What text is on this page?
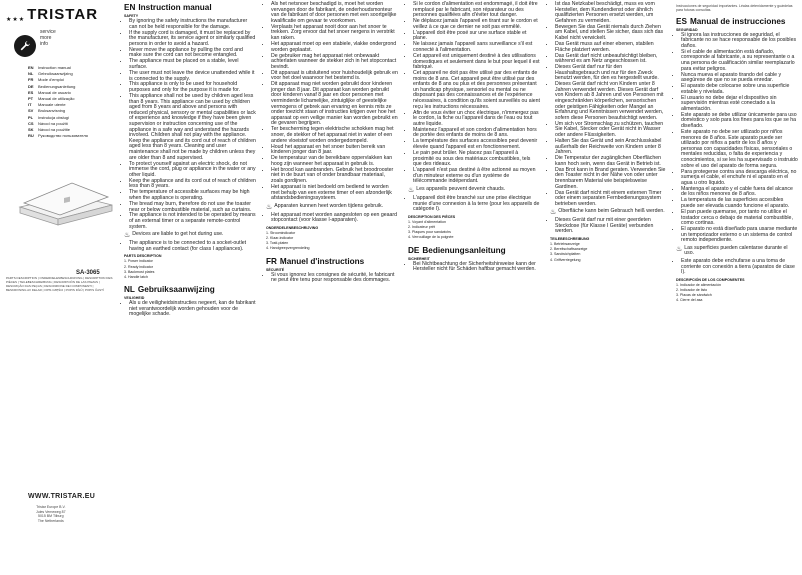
★★★ TRISTAR
service
more
info
EN Instruction manual
NL Gebruiksaanwijzing
FR Mode d'emploi
DE Bedienungsanleitung
ES Manual de usuario
PT Manual de utilização
IT Manuale utente
SV Bruksanvisning
PL Instrukcja obsługi
CS Návod na použití
SK Návod na použitie
RU Руководство пользователя
SA-3065
PARTS DESCRIPTION | ONDERDELENBESCHRIJVING | DESCRIPTION DES PIÈCES | TEILEBESCHREIBUNG | DESCRIPCIÓN DE LAS PIEZAS | DESCRIÇÃO DAS PEÇAS | DESCRIZIONE DEI COMPONENTI | BESKRIVNING AV DELAR | OPIS CZĘŚCI | POPIS DÍLŮ | POPIS ČASTÍ
WWW.TRISTAR.EU
Tristar Europe B.V.
Jules Verneweg 87
5015 BM Tilburg
The Netherlands
EN Instruction manual
SAFETY
• By ignoring the safety instructions the manufacturer can not be held responsible for the damage.
• If the supply cord is damaged, it must be replaced by the manufacturer, its service agent or similarly qualified persons in order to avoid a hazard.
• Never move the appliance by pulling the cord and make sure the cord can not become entangled.
• The appliance must be placed on a stable, level surface.
• The user must not leave the device unattended while it is connected to the supply.
• This appliance is only to be used for household purposes and only for the purpose it is made for.
• This appliance shall not be used by children aged less than 8 years. This appliance can be used by children aged from 8 years and above and persons with reduced physical, sensory or mental capabilities or lack of experience and knowledge if they have been given supervision or instruction concerning use of the appliance in a safe way and understand the hazards involved. Children shall not play with the appliance. Keep the appliance and its cord out of reach of children aged less than 8 years. Cleaning and user maintenance shall not be made by children unless they are older than 8 and supervised.
• To protect yourself against an electric shock, do not immerse the cord, plug or appliance in the water or any other liquid.
• Keep the appliance and its cord out of reach of children less than 8 years.
• The temperature of accessible surfaces may be high when the appliance is operating.
• The bread may burn, therefore do not use the toaster near or below combustible material, such as curtains.
• The appliance is not intended to be operated by means of an external timer or a separate remote-control system.
♨ Devices are liable to get hot during use.
• The appliance is to be connected to a socket-outlet having an earthed contact (for class I appliances).
PARTS DESCRIPTION

1. Power indicator

2. Ready indicator

3. Backmost plates

4. Handle latch

NL Gebruiksaanwijzing
VEILIGHEID
• Als u de veiligheidsinstructies negeert, kan de fabrikant niet verantwoordelijk worden gehouden voor de mogelijke schade.
• Als het netsnoer beschadigd is, moet het worden vervangen door de fabrikant, de onderhoudsmonteur van de fabrikant of door personen met een soortgelijke kwalificatie om gevaar te voorkomen.
• Verplaats het apparaat nooit door aan het snoer te trekken. Zorg ervoor dat het snoer nergens in verstrikt kan raken.
• Het apparaat moet op een stabiele, vlakke ondergrond worden geplaatst.
• De gebruiker mag het apparaat niet onbewaakt achterlaten wanneer de stekker zich in het stopcontact bevindt.
• Dit apparaat is uitsluitend voor huishoudelijk gebruik en voor het doel waarvoor het bestemd is.
• Dit apparaat mag niet worden gebruikt door kinderen jonger dan 8 jaar. Dit apparaat kan worden gebruikt door kinderen vanaf 8 jaar en door personen met verminderde lichamelijke, zintuiglijke of geestelijke vermogens of gebrek aan ervaring en kennis mits ze onder toezicht staan of instructies krijgen over hoe het apparaat op een veilige manier kan worden gebruikt en de gevaren begrijpen.
• Ter bescherming tegen elektrische schokken mag het snoer, de stekker of het apparaat niet in water of een andere vloeistof worden ondergedompeld.
• Houd het apparaat en het snoer buiten bereik van kinderen jonger dan 8 jaar.
• De temperatuur van de bereikbare oppervlakken kan hoog zijn wanneer het apparaat in gebruik is.
• Het brood kan aanbranden. Gebruik het broodrooster niet in de buurt van of onder brandbaar materiaal, zoals gordijnen.
• Het apparaat is niet bedoeld om bediend te worden met behulp van een externe timer of een afzonderlijk afstandsbedieningssysteem.
♨ Apparaten kunnen heet worden tijdens gebruik.
• Het apparaat moet worden aangesloten op een geaard stopcontact (voor klasse I-apparaten).
ONDERDELENBESCHRIJVING

1. Stroomindicator

2. Klaar-indicator

3. Tosti-platen

4. Handgreepvergrendeling

FR Manuel d'instructions
SÉCURITÉ
• Si vous ignorez les consignes de sécurité, le fabricant ne peut être tenu pour responsable des dommages.
• Si le cordon d'alimentation est endommagé, il doit être remplacé par le fabricant, son réparateur ou des personnes qualifiées afin d'éviter tout danger.
• Ne déplacez jamais l'appareil en tirant sur le cordon et veillez à ce que ce dernier ne soit pas emmêlé.
• L'appareil doit être posé sur une surface stable et plane.
• Ne laissez jamais l'appareil sans surveillance s'il est connecté à l'alimentation.
• Cet appareil est uniquement destiné à des utilisations domestiques et seulement dans le but pour lequel il est fabriqué.
• Cet appareil ne doit pas être utilisé par des enfants de moins de 8 ans. Cet appareil peut être utilisé par des enfants de 8 ans ou plus et des personnes présentant un handicap physique, sensoriel ou mental ou ne disposant pas des connaissances et de l'expérience nécessaires, à condition qu'ils soient surveillés ou aient reçu les instructions nécessaires.
• Afin de vous éviter un choc électrique, n'immergez pas le cordon, la fiche ou l'appareil dans de l'eau ou tout autre liquide.
• Maintenez l'appareil et son cordon d'alimentation hors de portée des enfants de moins de 8 ans.
• La température des surfaces accessibles peut devenir élevée quand l'appareil est en fonctionnement.
• Le pain peut brûler. Ne placez pas l'appareil à proximité ou sous des matériaux combustibles, tels que des rideaux.
• L'appareil n'est pas destiné à être actionné au moyen d'un minuteur externe ou d'un système de télécommande indépendant.
♨ Les appareils peuvent devenir chauds.
• L'appareil doit être branché sur une prise électrique munie d'une connexion à la terre (pour les appareils de catégorie I).
DESCRIPTION DES PIÈCES

1. Voyant d'alimentation

2. Indicateur prêt

3. Plaques pour sandwichs

4. Verrouillage de la poignée

DE Bedienungsanleitung
SICHERHEIT
• Bei Nichtbeachtung der Sicherheitshinweise kann der Hersteller nicht für Schäden haftbar gemacht werden.
• Ist das Netzkabel beschädigt, muss es vom Hersteller, dem Kundendienst oder ähnlich qualifizierten Personen ersetzt werden, um Gefahren zu vermeiden.
• Bewegen Sie das Gerät niemals durch Ziehen am Kabel, und stellen Sie sicher, dass sich das Kabel nicht verwickelt.
• Das Gerät muss auf einer ebenen, stabilen Fläche platziert werden.
• Das Gerät darf nicht unbeaufsichtigt bleiben, während es am Netz angeschlossen ist.
• Dieses Gerät darf nur für den Haushaltsgebrauch und nur für den Zweck benutzt werden, für den es hergestellt wurde.
• Dieses Gerät darf nicht von Kindern unter 8 Jahren verwendet werden. Dieses Gerät darf von Kindern ab 8 Jahren und von Personen mit eingeschränkten körperlichen, sensorischen oder geistigen Fähigkeiten oder Mangel an Erfahrung und Kenntnissen verwendet werden, sofern diese Personen beaufsichtigt werden.
• Um sich vor Stromschlag zu schützen, tauchen Sie Kabel, Stecker oder Gerät nicht in Wasser oder andere Flüssigkeiten.
• Halten Sie das Gerät und sein Anschlusskabel außerhalb der Reichweite von Kindern unter 8 Jahren.
• Die Temperatur der zugänglichen Oberflächen kann hoch sein, wenn das Gerät in Betrieb ist.
• Das Brot kann in Brand geraten. Verwenden Sie den Toaster nicht in der Nähe von oder unter brennbarem Material wie beispielsweise Gardinen.
• Das Gerät darf nicht mit einem externen Timer oder einem separaten Fernbedienungssystem betrieben werden.
♨ Oberfläche kann beim Gebrauch heiß werden.
• Dieses Gerät darf nur mit einer geerdeten Steckdose (für Klasse I Geräte) verbunden werden.
TEILEBESCHREIBUNG

1. Betriebsanzeige

2. Bereitschaftsanzeige

3. Sandwichplatten

4. Griffverriegelung

Instrucciones de seguridad importantes. Léalas detenidamente y guárdelas para futuras consultas.
ES Manual de instrucciones
SEGURIDAD
• Si ignora las instrucciones de seguridad, el fabricante no se hace responsable de los posibles daños.
• Si el cable de alimentación está dañado, corresponde al fabricante, a su representante o a una persona de cualificación similar reemplazarlo para evitar peligros.
• Nunca mueva el aparato tirando del cable y asegúrese de que no se pueda enredar.
• El aparato debe colocarse sobre una superficie estable y nivelada.
• El usuario no debe dejar el dispositivo sin supervisión mientras esté conectado a la alimentación.
• Este aparato se debe utilizar únicamente para uso doméstico y solo para los fines para los que se ha diseñado.
• Este aparato no debe ser utilizado por niños menores de 8 años. Este aparato puede ser utilizado por niños a partir de los 8 años y personas con capacidades físicas, sensoriales o mentales reducidas, o falta de experiencia y conocimientos, si se les ha supervisado o instruido sobre el uso del aparato de forma segura.
• Para protegerse contra una descarga eléctrica, no sumerja el cable, el enchufe ni el aparato en el agua u otro líquido.
• Mantenga el aparato y el cable fuera del alcance de los niños menores de 8 años.
• La temperatura de las superficies accesibles puede ser elevada cuando funcione el aparato.
• El pan puede quemarse, por tanto no utilice el tostador cerca o debajo de material combustible, como cortinas.
• El aparato no está diseñado para usarse mediante un temporizador externo o un sistema de control remoto independiente.
♨ Las superficies pueden calentarse durante el uso.
• Este aparato debe enchufarse a una toma de corriente con conexión a tierra (aparatos de clase I).
DESCRIPCIÓN DE LOS COMPONENTES

1. Indicador de alimentación

2. Indicador de listo

3. Placas de sándwich

4. Cierre del asa
